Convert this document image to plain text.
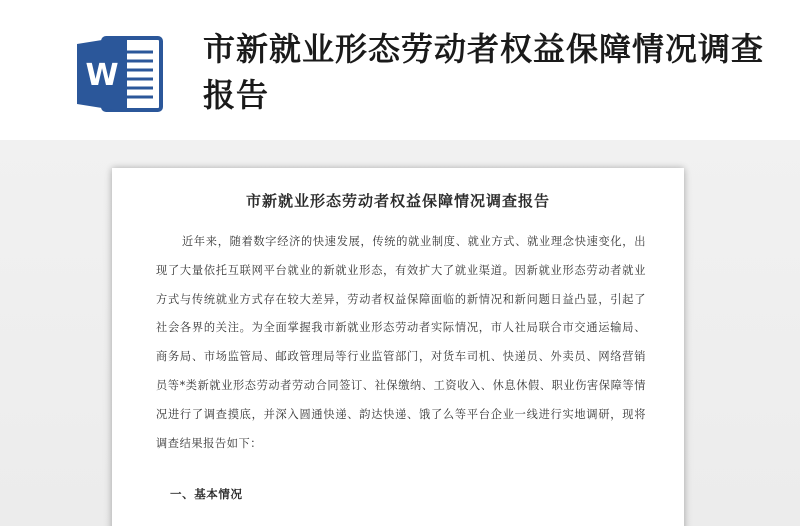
W
市新就业形态劳动者权益保障情况调查报告
市新就业形态劳动者权益保障情况调查报告

近年来，随着数字经济的快速发展，传统的就业制度、就业方式、就业理念快速变化，出现了大量依托互联网平台就业的新就业形态，有效扩大了就业渠道。因新就业形态劳动者就业方式与传统就业方式存在较大差异，劳动者权益保障面临的新情况和新问题日益凸显，引起了社会各界的关注。为全面掌握我市新就业形态劳动者实际情况，市人社局联合市交通运输局、商务局、市场监管局、邮政管理局等行业监管部门，对货车司机、快递员、外卖员、网络营销员等*类新就业形态劳动者劳动合同签订、社保缴纳、工资收入、休息休假、职业伤害保障等情况进行了调查摸底，并深入圆通快递、韵达快递、饿了么等平台企业一线进行实地调研，现将调查结果报告如下：

一、基本情况
